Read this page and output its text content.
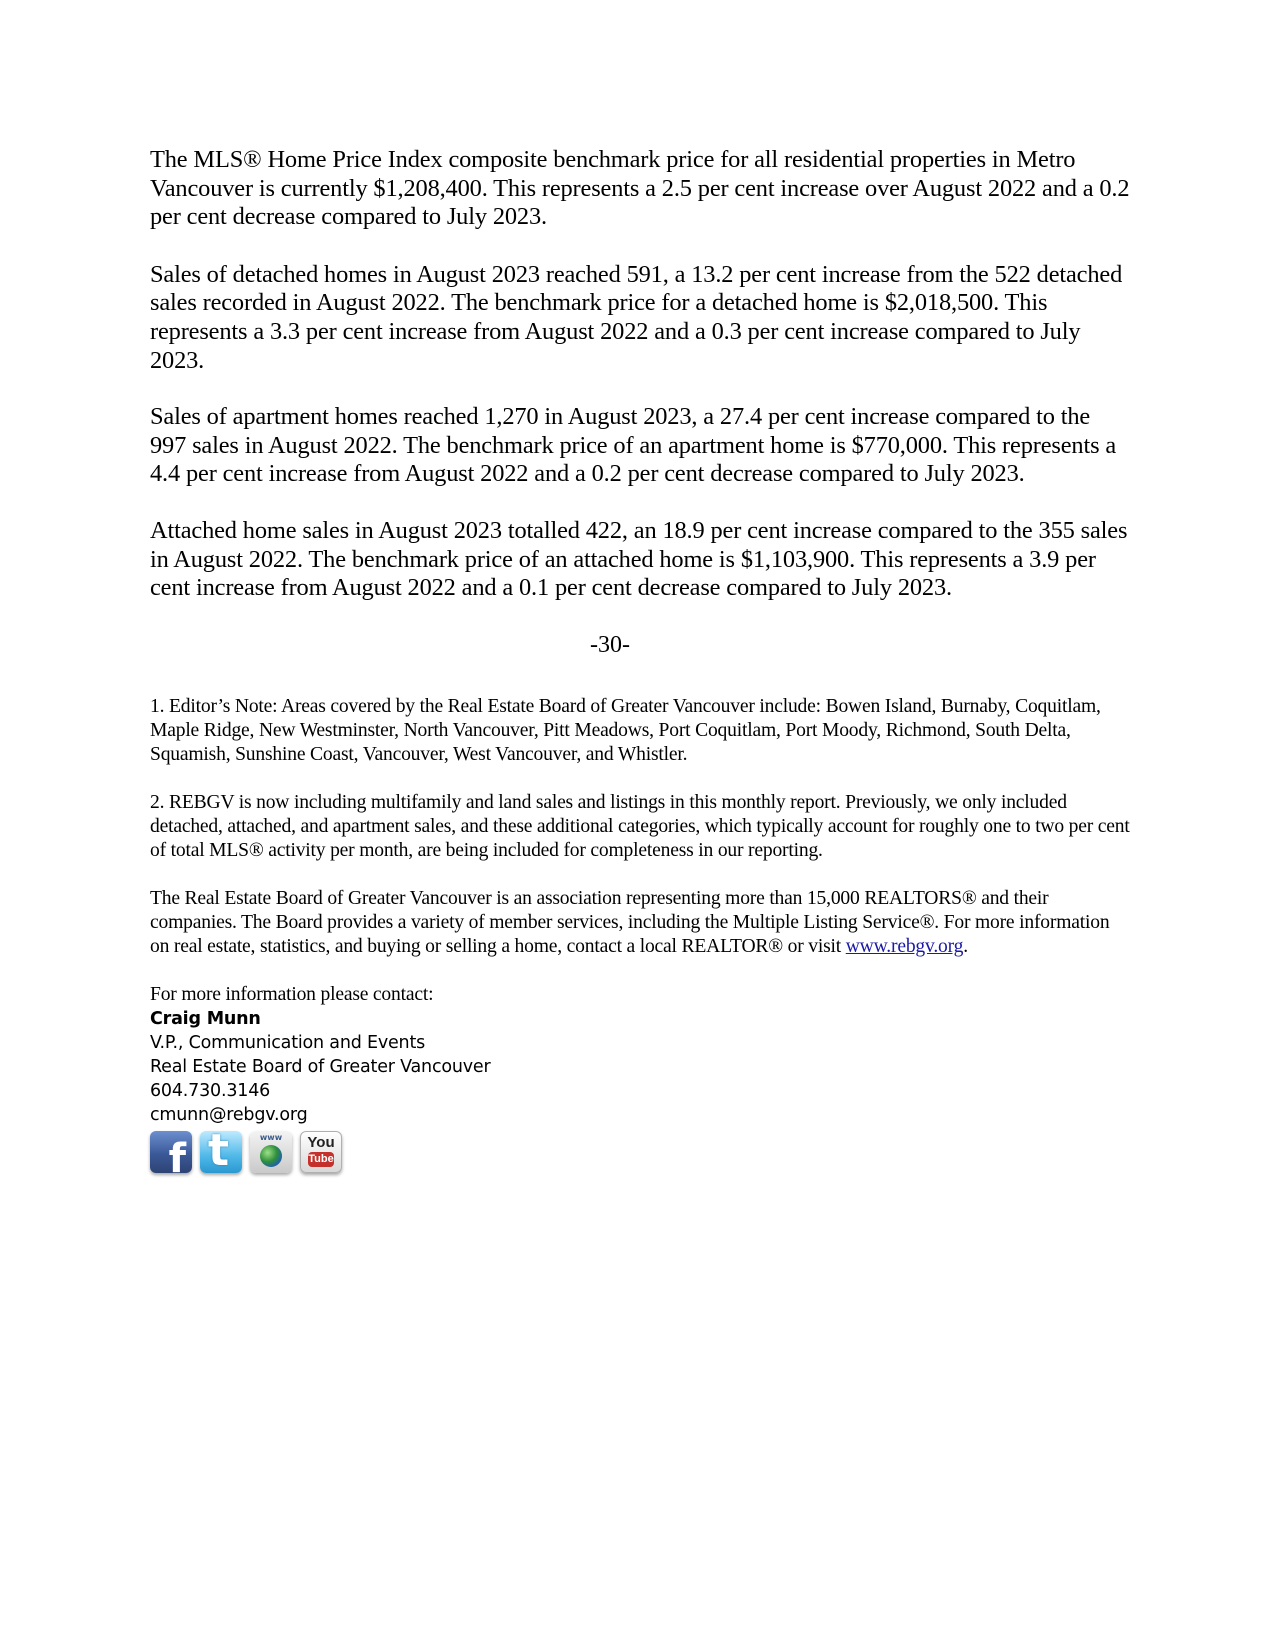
The MLS® Home Price Index composite benchmark price for all residential properties in Metro Vancouver is currently $1,208,400. This represents a 2.5 per cent increase over August 2022 and a 0.2 per cent decrease compared to July 2023.

Sales of detached homes in August 2023 reached 591, a 13.2 per cent increase from the 522 detached sales recorded in August 2022. The benchmark price for a detached home is $2,018,500. This represents a 3.3 per cent increase from August 2022 and a 0.3 per cent increase compared to July 2023.

Sales of apartment homes reached 1,270 in August 2023, a 27.4 per cent increase compared to the 997 sales in August 2022. The benchmark price of an apartment home is $770,000. This represents a 4.4 per cent increase from August 2022 and a 0.2 per cent decrease compared to July 2023.

Attached home sales in August 2023 totalled 422, an 18.9 per cent increase compared to the 355 sales in August 2022. The benchmark price of an attached home is $1,103,900. This represents a 3.9 per cent increase from August 2022 and a 0.1 per cent decrease compared to July 2023.

-30-

1. Editor’s Note: Areas covered by the Real Estate Board of Greater Vancouver include: Bowen Island, Burnaby, Coquitlam, Maple Ridge, New Westminster, North Vancouver, Pitt Meadows, Port Coquitlam, Port Moody, Richmond, South Delta, Squamish, Sunshine Coast, Vancouver, West Vancouver, and Whistler.

2. REBGV is now including multifamily and land sales and listings in this monthly report. Previously, we only included detached, attached, and apartment sales, and these additional categories, which typically account for roughly one to two per cent of total MLS® activity per month, are being included for completeness in our reporting.

The Real Estate Board of Greater Vancouver is an association representing more than 15,000 REALTORS® and their companies. The Board provides a variety of member services, including the Multiple Listing Service®. For more information on real estate, statistics, and buying or selling a home, contact a local REALTOR® or visit www.rebgv.org.

For more information please contact:
Craig Munn
V.P., Communication and Events
Real Estate Board of Greater Vancouver
604.730.3146
cmunn@rebgv.org
f t	www	You
Tube
